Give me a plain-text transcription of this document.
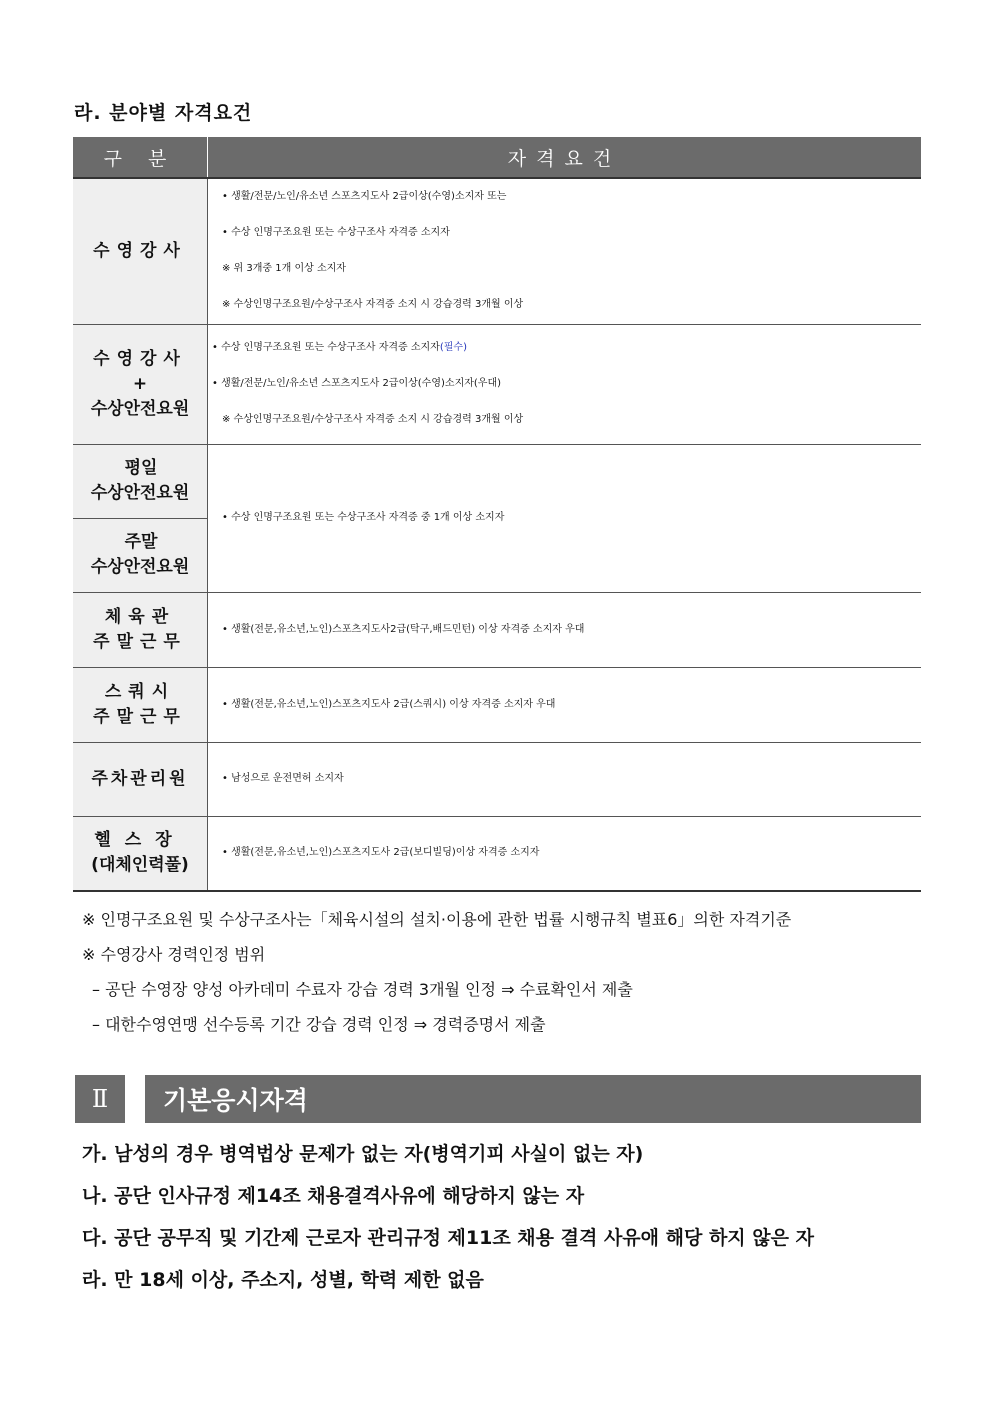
라. 분야별 자격요건
구 분	자격요건

수영강사	• 생활/전문/노인/유소년 스포츠지도사 2급이상(수영)소지자 또는
• 수상 인명구조요원 또는 수상구조사 자격증 소지자
※ 위 3개중 1개 이상 소지자
※ 수상인명구조요원/수상구조사 자격증 소지 시 강습경력 3개월 이상

수영강사
+
수상안전요원	• 수상 인명구조요원 또는 수상구조사 자격증 소지자(필수)
• 생활/전문/노인/유소년 스포츠지도사 2급이상(수영)소지자(우대)
※ 수상인명구조요원/수상구조사 자격증 소지 시 강습경력 3개월 이상

평일
수상안전요원	• 수상 인명구조요원 또는 수상구조사 자격증 중 1개 이상 소지자

주말
수상안전요원	

체육관
주말근무	• 생활(전문,유소년,노인)스포츠지도사2급(탁구,배드민턴) 이상 자격증 소지자 우대

스쿼시
주말근무	• 생활(전문,유소년,노인)스포츠지도사 2급(스쿼시) 이상 자격증 소지자 우대

주차관리원	• 남성으로 운전면허 소지자

헬스장
(대체인력풀)	• 생활(전문,유소년,노인)스포츠지도사 2급(보디빌딩)이상 자격증 소지자
※ 인명구조요원 및 수상구조사는「체육시설의 설치·이용에 관한 법률 시행규칙 별표6」의한 자격기준
※ 수영강사 경력인정 범위
– 공단 수영장 양성 아카데미 수료자 강습 경력 3개월 인정 ⇒ 수료확인서 제출
– 대한수영연맹 선수등록 기간 강습 경력 인정 ⇒ 경력증명서 제출
Ⅱ	기본응시자격
가. 남성의 경우 병역법상 문제가 없는 자(병역기피 사실이 없는 자)
나. 공단 인사규정 제14조 채용결격사유에 해당하지 않는 자
다. 공단 공무직 및 기간제 근로자 관리규정 제11조 채용 결격 사유애 해당 하지 않은 자
라. 만 18세 이상, 주소지, 성별, 학력 제한 없음
